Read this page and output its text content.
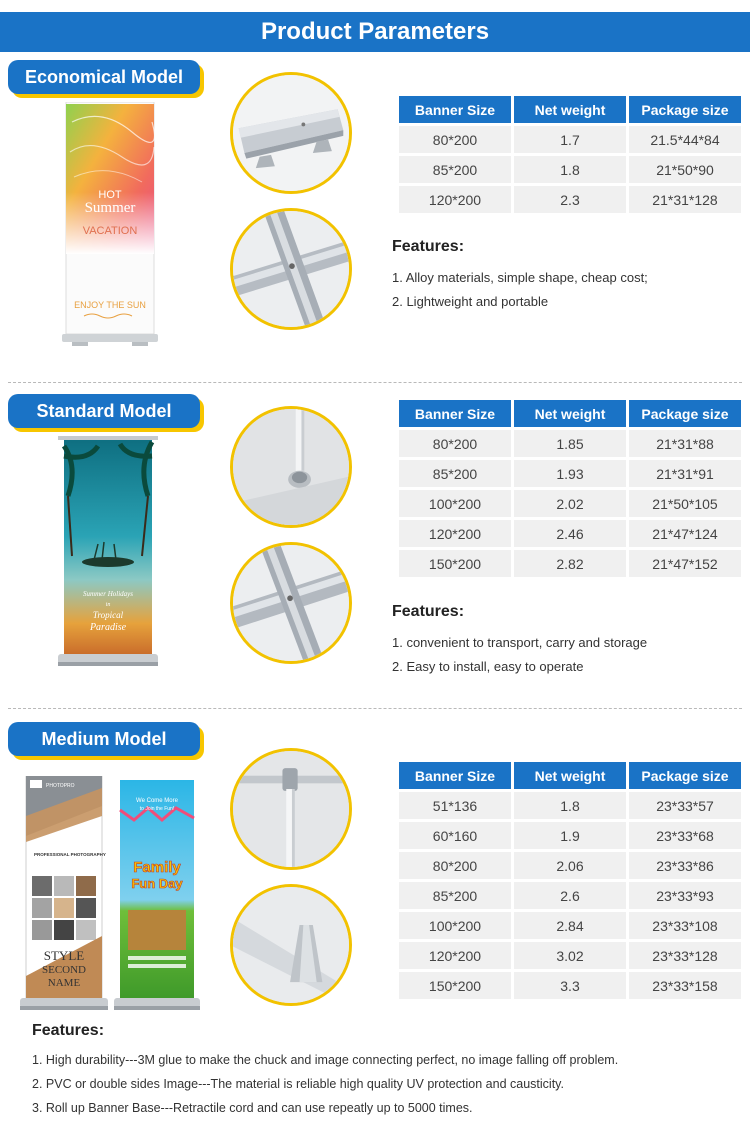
Product Parameters
Economical Model
HOT
Summer
VACATION
ENJOY THE SUN
Banner Size	Net weight	Package size
80*200	1.7	21.5*44*84
85*200	1.8	21*50*90
120*200	2.3	21*31*128
Features:

1. Alloy materials, simple shape, cheap cost;

2. Lightweight and portable

Standard Model
Summer Holidays
in
Tropical
Paradise
Banner Size	Net weight	Package size
80*200	1.85	21*31*88
85*200	1.93	21*31*91
100*200	2.02	21*50*105
120*200	2.46	21*47*124
150*200	2.82	21*47*152
Features:

1. convenient to transport, carry and storage

2. Easy to install, easy to operate

Medium Model
PHOTOPRO
PROFESSIONAL PHOTOGRAPHY
STYLE
SECOND
NAME
We Come More
to Join the Fun!
Family
Fun Day
Banner Size	Net weight	Package size
51*136	1.8	23*33*57
60*160	1.9	23*33*68
80*200	2.06	23*33*86
85*200	2.6	23*33*93
100*200	2.84	23*33*108
120*200	3.02	23*33*128
150*200	3.3	23*33*158
Features:

1. High durability---3M glue to make the chuck and image connecting perfect, no image falling off problem.

2. PVC or double sides Image---The material is reliable high quality UV protection and causticity.

3. Roll up Banner Base---Retractile cord and can use repeatly up to 5000 times.
